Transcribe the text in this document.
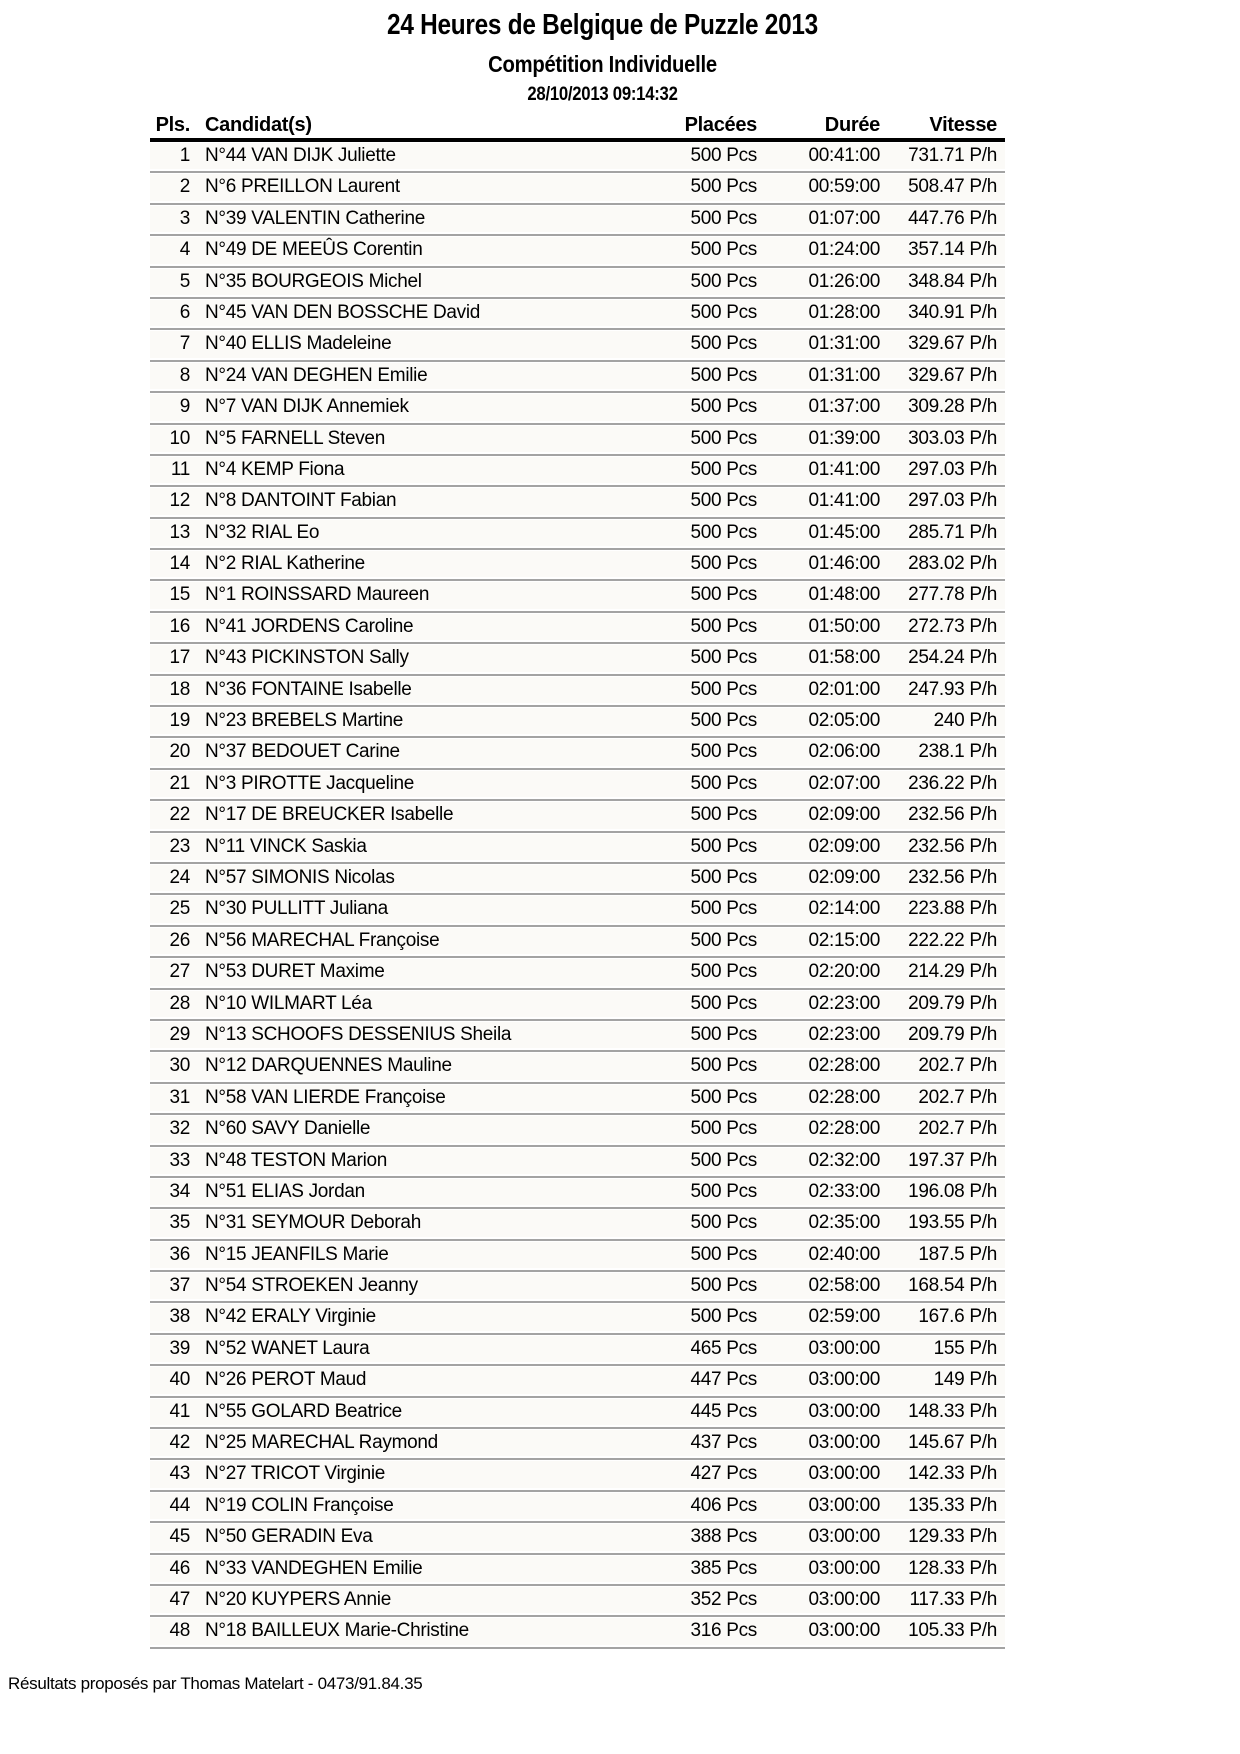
24 Heures de Belgique de Puzzle 2013
Compétition Individuelle
28/10/2013 09:14:32
Pls. Candidat(s)	Placées	Durée	Vitesse
1 N°44 VAN DIJK Juliette	500 Pcs	00:41:00	731.71 P/h
2 N°6 PREILLON Laurent	500 Pcs	00:59:00	508.47 P/h
3 N°39 VALENTIN Catherine	500 Pcs	01:07:00	447.76 P/h
4 N°49 DE MEEÛS Corentin	500 Pcs	01:24:00	357.14 P/h
5 N°35 BOURGEOIS Michel	500 Pcs	01:26:00	348.84 P/h
6 N°45 VAN DEN BOSSCHE David	500 Pcs	01:28:00	340.91 P/h
7 N°40 ELLIS Madeleine	500 Pcs	01:31:00	329.67 P/h
8 N°24 VAN DEGHEN Emilie	500 Pcs	01:31:00	329.67 P/h
9 N°7 VAN DIJK Annemiek	500 Pcs	01:37:00	309.28 P/h
10 N°5 FARNELL Steven	500 Pcs	01:39:00	303.03 P/h
11 N°4 KEMP Fiona	500 Pcs	01:41:00	297.03 P/h
12 N°8 DANTOINT Fabian	500 Pcs	01:41:00	297.03 P/h
13 N°32 RIAL Eo	500 Pcs	01:45:00	285.71 P/h
14 N°2 RIAL Katherine	500 Pcs	01:46:00	283.02 P/h
15 N°1 ROINSSARD Maureen	500 Pcs	01:48:00	277.78 P/h
16 N°41 JORDENS Caroline	500 Pcs	01:50:00	272.73 P/h
17 N°43 PICKINSTON Sally	500 Pcs	01:58:00	254.24 P/h
18 N°36 FONTAINE Isabelle	500 Pcs	02:01:00	247.93 P/h
19 N°23 BREBELS Martine	500 Pcs	02:05:00	240 P/h
20 N°37 BEDOUET Carine	500 Pcs	02:06:00	238.1 P/h
21 N°3 PIROTTE Jacqueline	500 Pcs	02:07:00	236.22 P/h
22 N°17 DE BREUCKER Isabelle	500 Pcs	02:09:00	232.56 P/h
23 N°11 VINCK Saskia	500 Pcs	02:09:00	232.56 P/h
24 N°57 SIMONIS Nicolas	500 Pcs	02:09:00	232.56 P/h
25 N°30 PULLITT Juliana	500 Pcs	02:14:00	223.88 P/h
26 N°56 MARECHAL Françoise	500 Pcs	02:15:00	222.22 P/h
27 N°53 DURET Maxime	500 Pcs	02:20:00	214.29 P/h
28 N°10 WILMART Léa	500 Pcs	02:23:00	209.79 P/h
29 N°13 SCHOOFS DESSENIUS Sheila	500 Pcs	02:23:00	209.79 P/h
30 N°12 DARQUENNES Mauline	500 Pcs	02:28:00	202.7 P/h
31 N°58 VAN LIERDE Françoise	500 Pcs	02:28:00	202.7 P/h
32 N°60 SAVY Danielle	500 Pcs	02:28:00	202.7 P/h
33 N°48 TESTON Marion	500 Pcs	02:32:00	197.37 P/h
34 N°51 ELIAS Jordan	500 Pcs	02:33:00	196.08 P/h
35 N°31 SEYMOUR Deborah	500 Pcs	02:35:00	193.55 P/h
36 N°15 JEANFILS Marie	500 Pcs	02:40:00	187.5 P/h
37 N°54 STROEKEN Jeanny	500 Pcs	02:58:00	168.54 P/h
38 N°42 ERALY Virginie	500 Pcs	02:59:00	167.6 P/h
39 N°52 WANET Laura	465 Pcs	03:00:00	155 P/h
40 N°26 PEROT Maud	447 Pcs	03:00:00	149 P/h
41 N°55 GOLARD Beatrice	445 Pcs	03:00:00	148.33 P/h
42 N°25 MARECHAL Raymond	437 Pcs	03:00:00	145.67 P/h
43 N°27 TRICOT Virginie	427 Pcs	03:00:00	142.33 P/h
44 N°19 COLIN Françoise	406 Pcs	03:00:00	135.33 P/h
45 N°50 GERADIN Eva	388 Pcs	03:00:00	129.33 P/h
46 N°33 VANDEGHEN Emilie	385 Pcs	03:00:00	128.33 P/h
47 N°20 KUYPERS Annie	352 Pcs	03:00:00	117.33 P/h
48 N°18 BAILLEUX Marie-Christine	316 Pcs	03:00:00	105.33 P/h
Résultats proposés par Thomas Matelart - 0473/91.84.35
